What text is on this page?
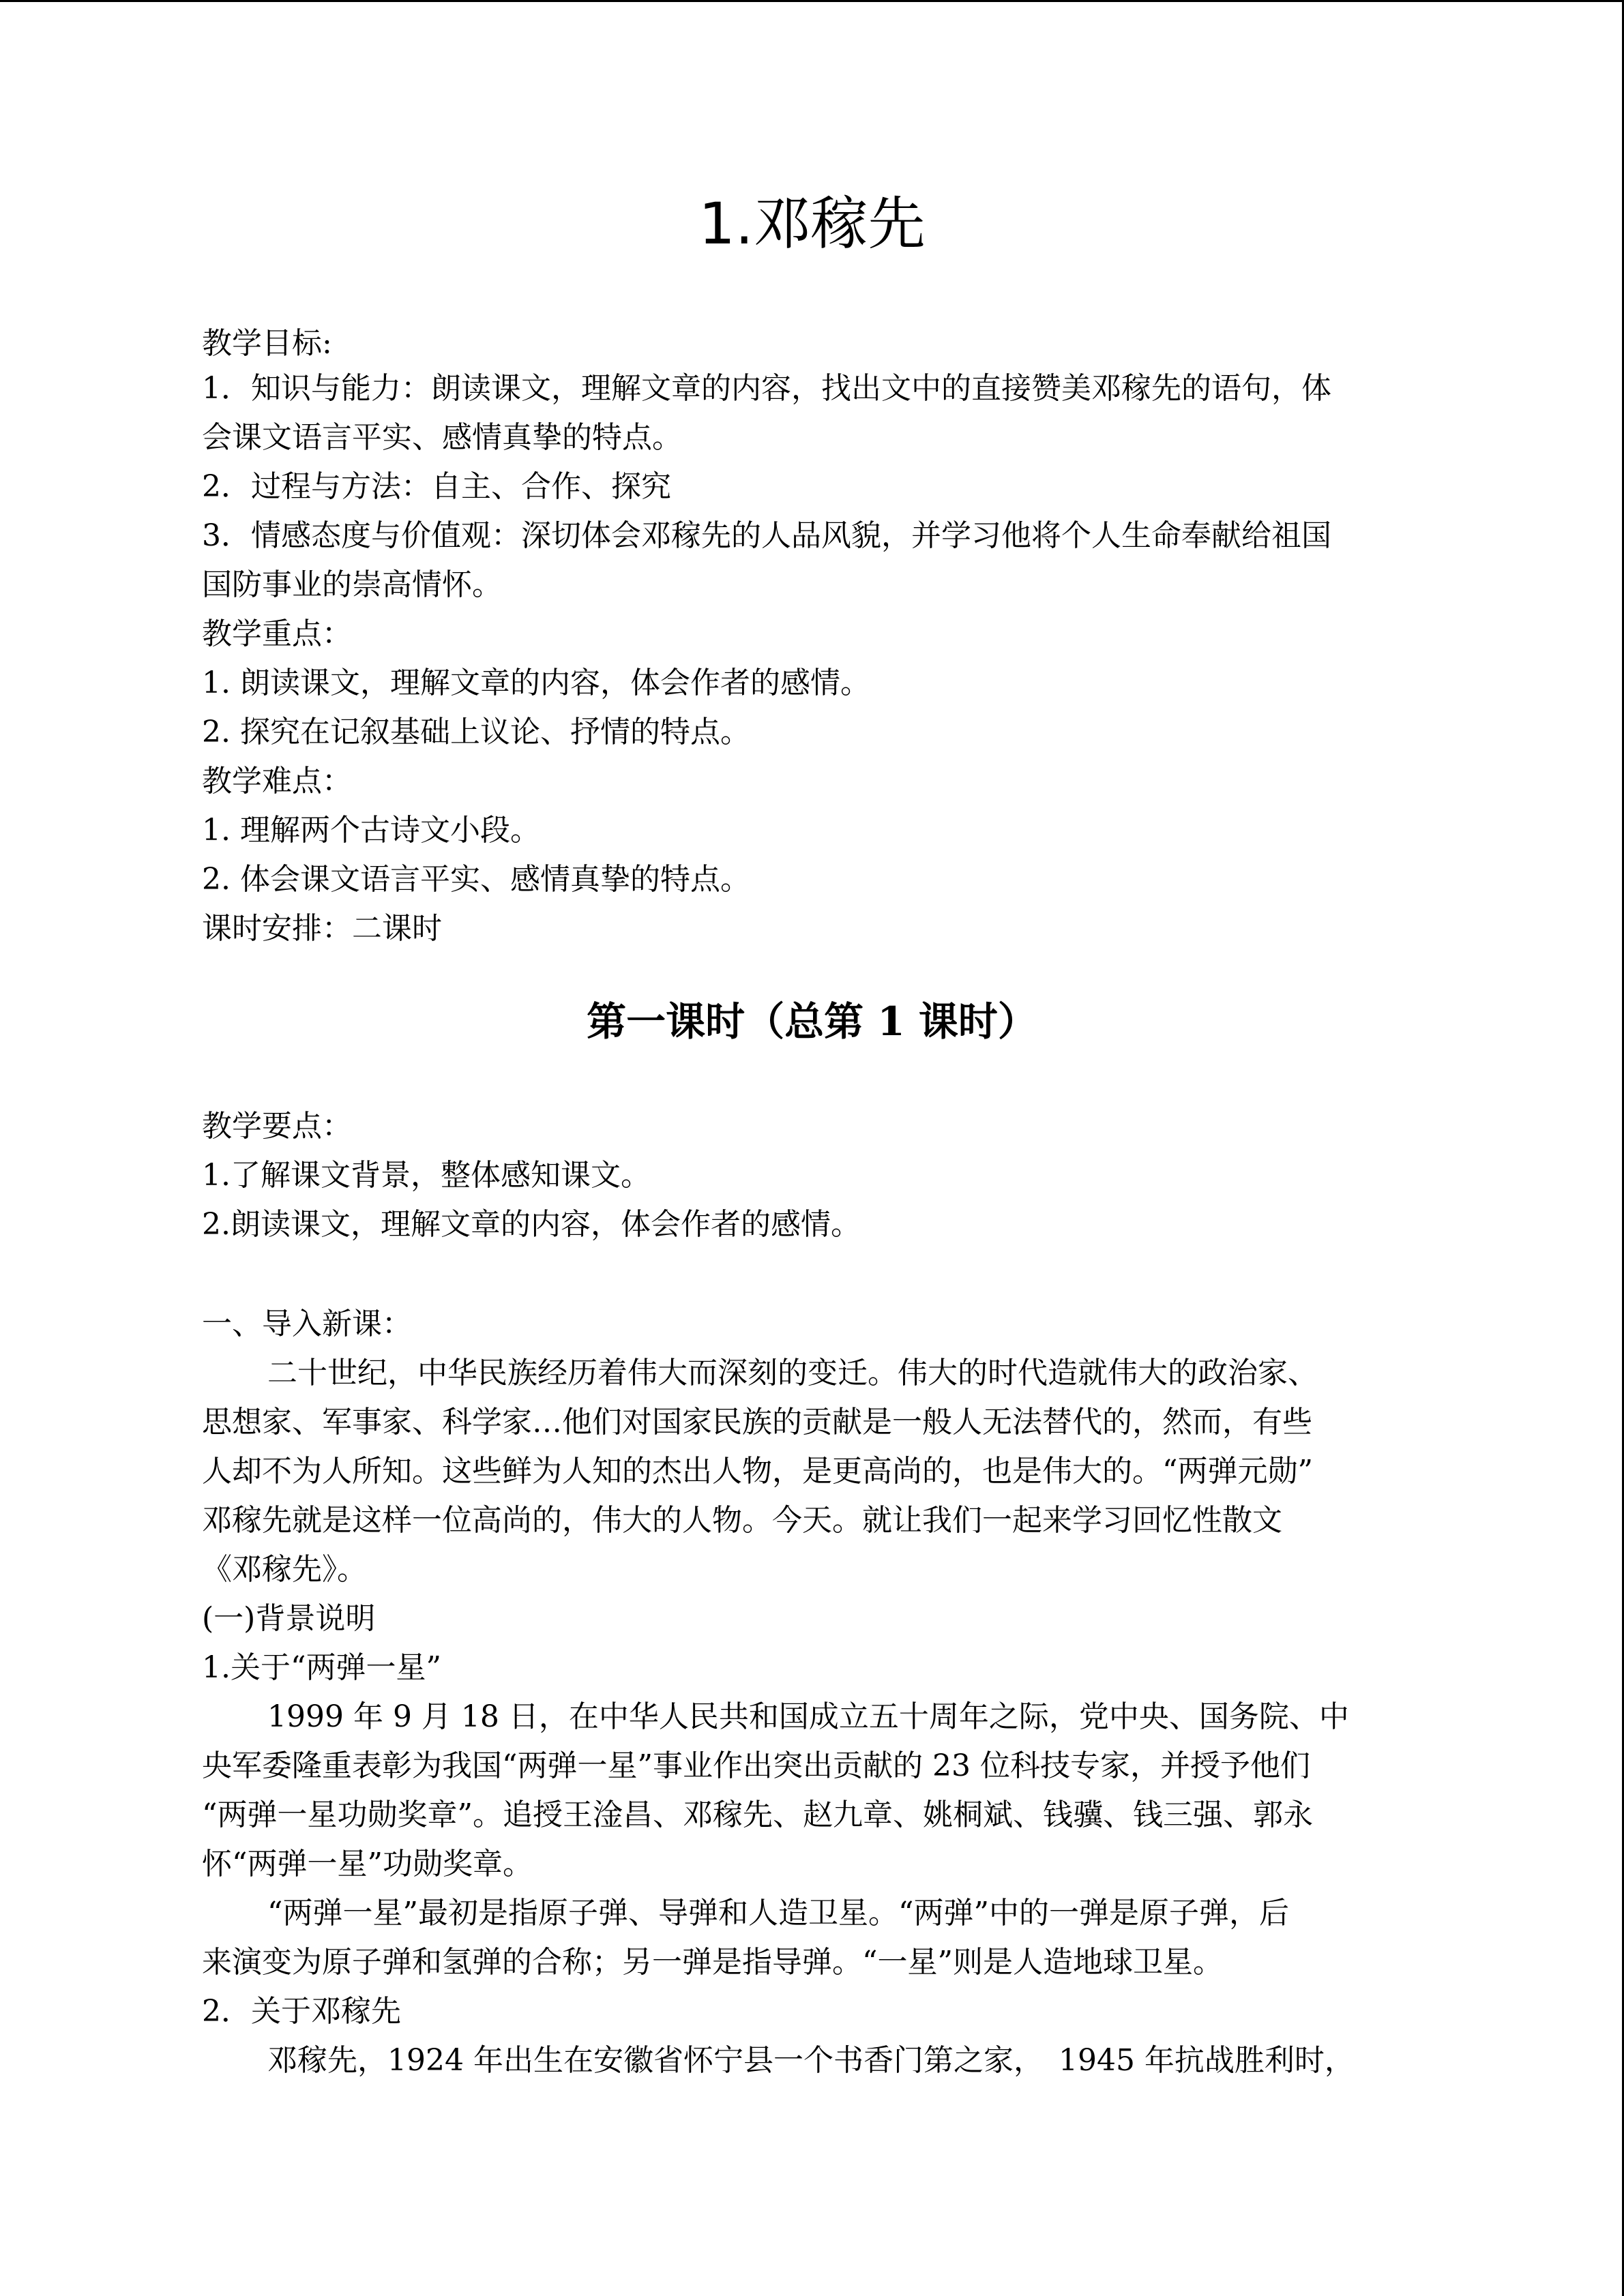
1.邓稼先
教学目标:
1．知识与能力：朗读课文，理解文章的内容，找出文中的直接赞美邓稼先的语句，体
会课文语言平实、感情真挚的特点。
2．过程与方法：自主、合作、探究
3．情感态度与价值观：深切体会邓稼先的人品风貌，并学习他将个人生命奉献给祖国
国防事业的崇高情怀。
教学重点：
1. 朗读课文，理解文章的内容，体会作者的感情。
2. 探究在记叙基础上议论、抒情的特点。
教学难点：
1. 理解两个古诗文小段。
2. 体会课文语言平实、感情真挚的特点。
课时安排：二课时
第一课时（总第 1 课时）
教学要点：
1.了解课文背景，整体感知课文。
2.朗读课文，理解文章的内容，体会作者的感情。
一、导入新课：
二十世纪，中华民族经历着伟大而深刻的变迁。伟大的时代造就伟大的政治家、
思想家、军事家、科学家…他们对国家民族的贡献是一般人无法替代的，然而，有些
人却不为人所知。这些鲜为人知的杰出人物，是更高尚的，也是伟大的。“两弹元勋”
邓稼先就是这样一位高尚的，伟大的人物。今天。就让我们一起来学习回忆性散文
《邓稼先》。
(一)背景说明
1.关于“两弹一星”
1999 年 9 月 18 日，在中华人民共和国成立五十周年之际，党中央、国务院、中
央军委隆重表彰为我国“两弹一星”事业作出突出贡献的 23 位科技专家，并授予他们
“两弹一星功勋奖章”。追授王淦昌、邓稼先、赵九章、姚桐斌、钱骥、钱三强、郭永
怀“两弹一星”功勋奖章。
“两弹一星”最初是指原子弹、导弹和人造卫星。“两弹”中的一弹是原子弹，后
来演变为原子弹和氢弹的合称；另一弹是指导弹。“一星”则是人造地球卫星。
2．关于邓稼先
邓稼先，1924 年出生在安徽省怀宁县一个书香门第之家，　1945 年抗战胜利时，
